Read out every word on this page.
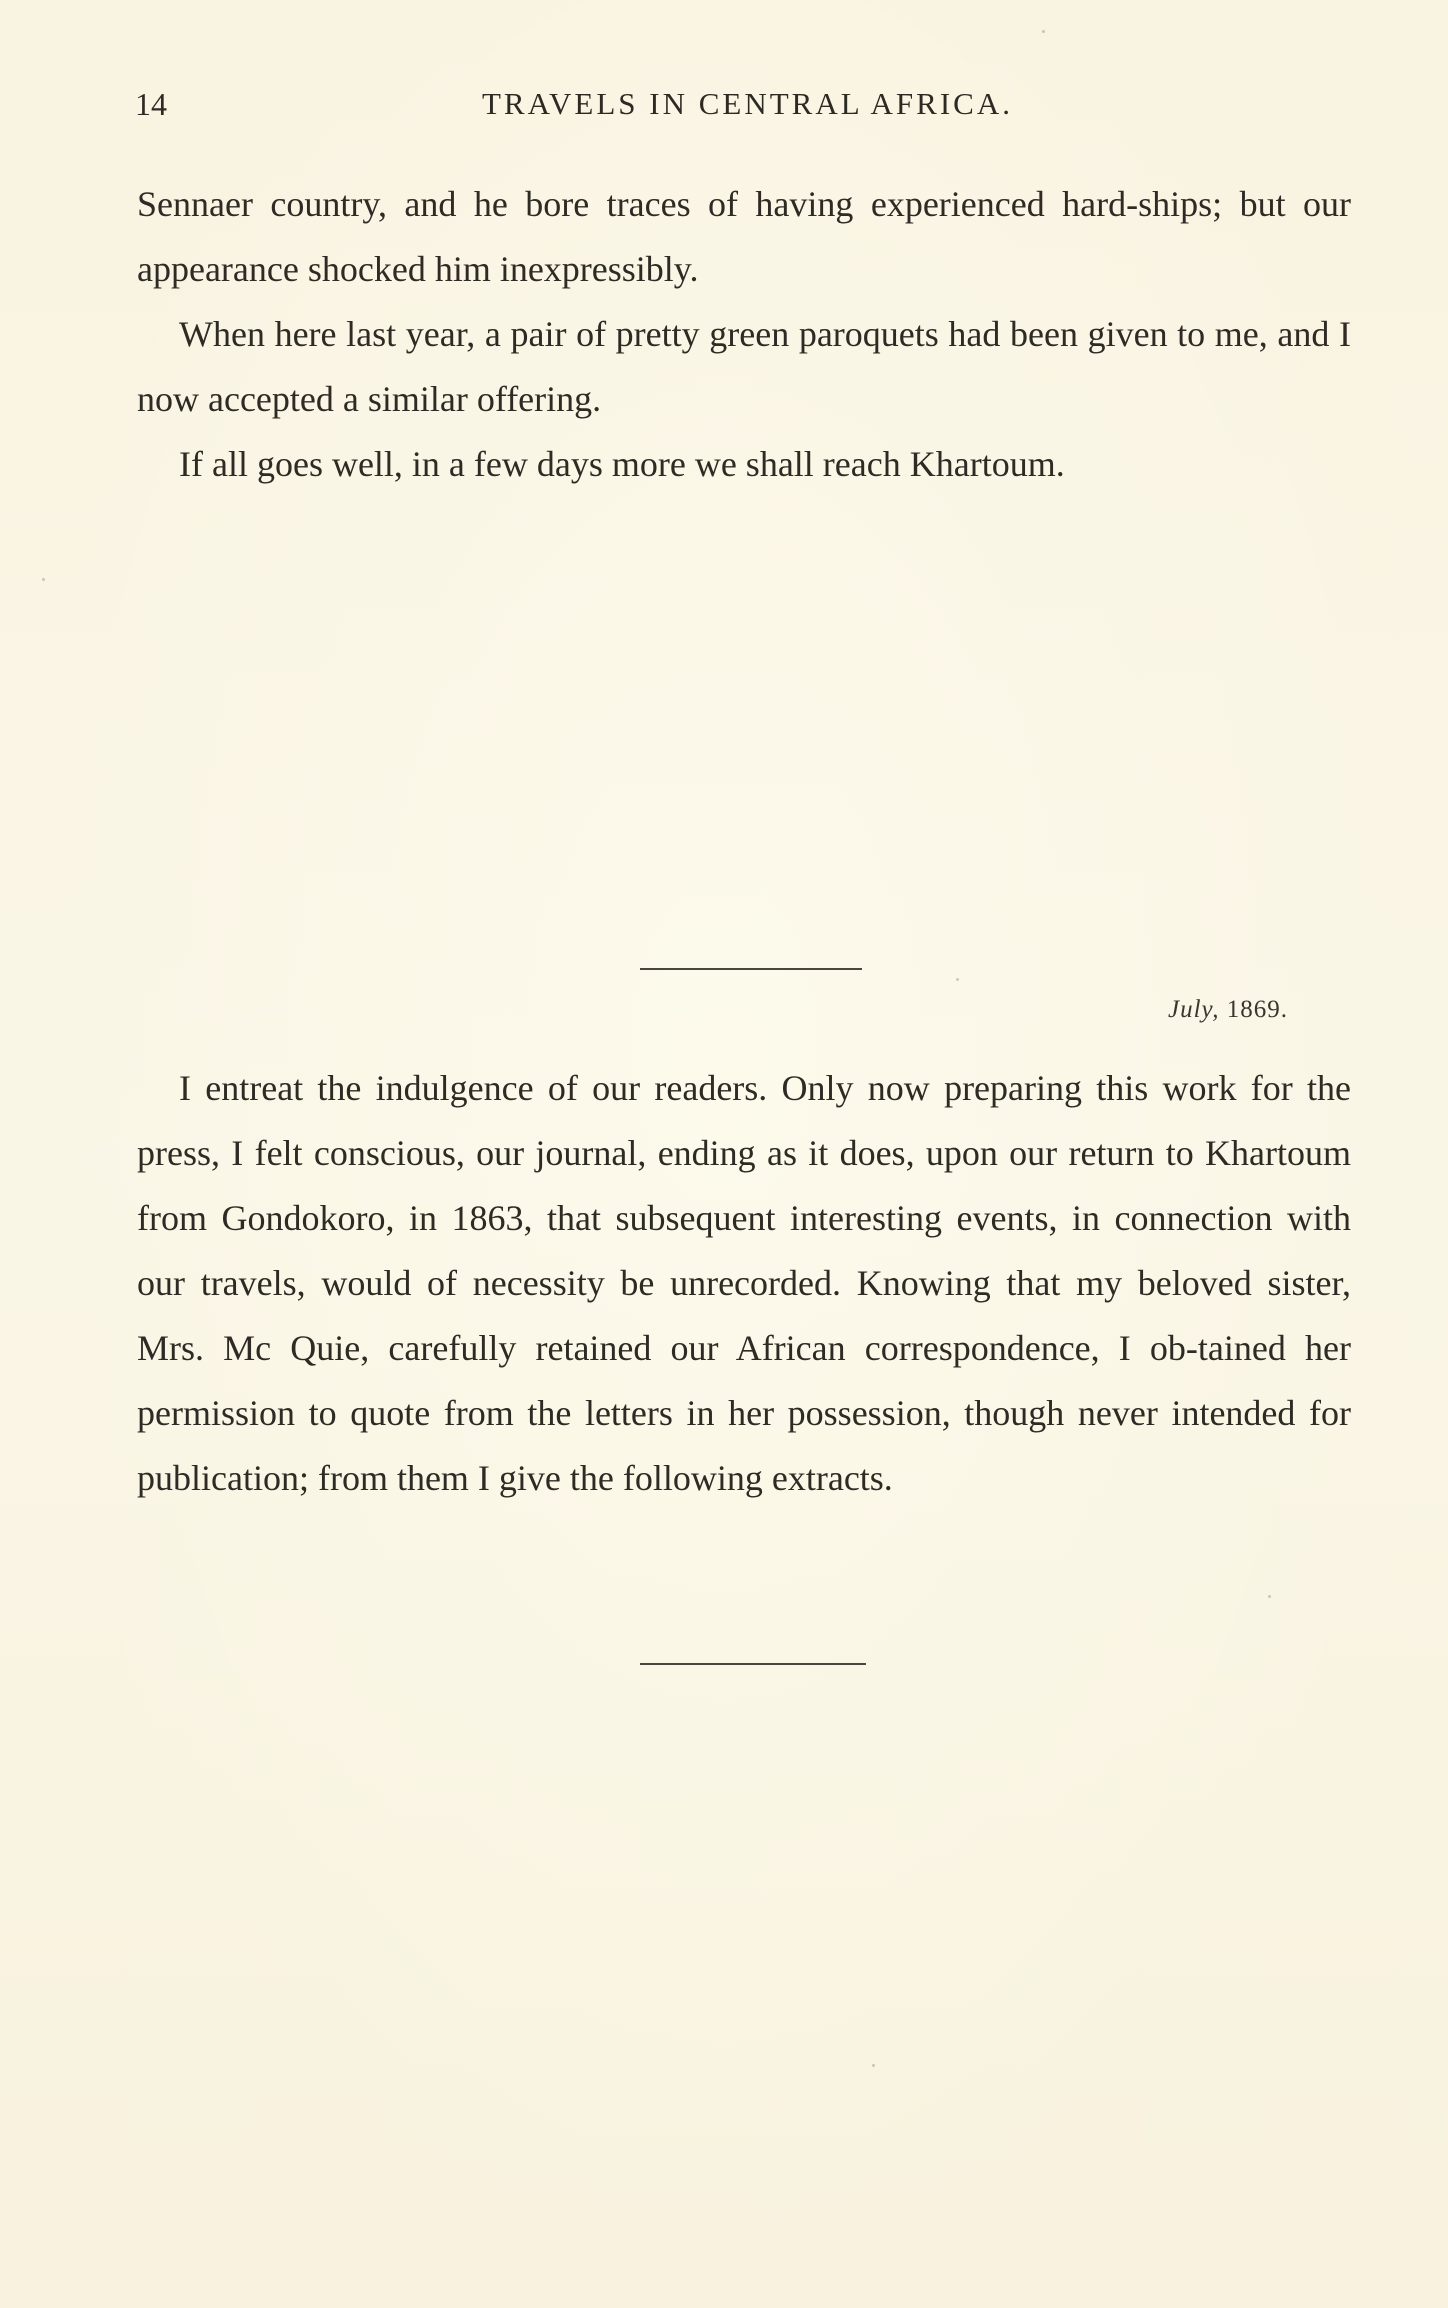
14	TRAVELS IN CENTRAL AFRICA.

Sennaer country, and he bore traces of having experienced hard-ships; but our appearance shocked him inexpressibly.

When here last year, a pair of pretty green paroquets had been given to me, and I now accepted a similar offering.

If all goes well, in a few days more we shall reach Khartoum.

July, 1869.

I entreat the indulgence of our readers. Only now preparing this work for the press, I felt conscious, our journal, ending as it does, upon our return to Khartoum from Gondokoro, in 1863, that subsequent interesting events, in connection with our travels, would of necessity be unrecorded. Knowing that my beloved sister, Mrs. Mc Quie, carefully retained our African correspondence, I ob-tained her permission to quote from the letters in her possession, though never intended for publication; from them I give the following extracts.
